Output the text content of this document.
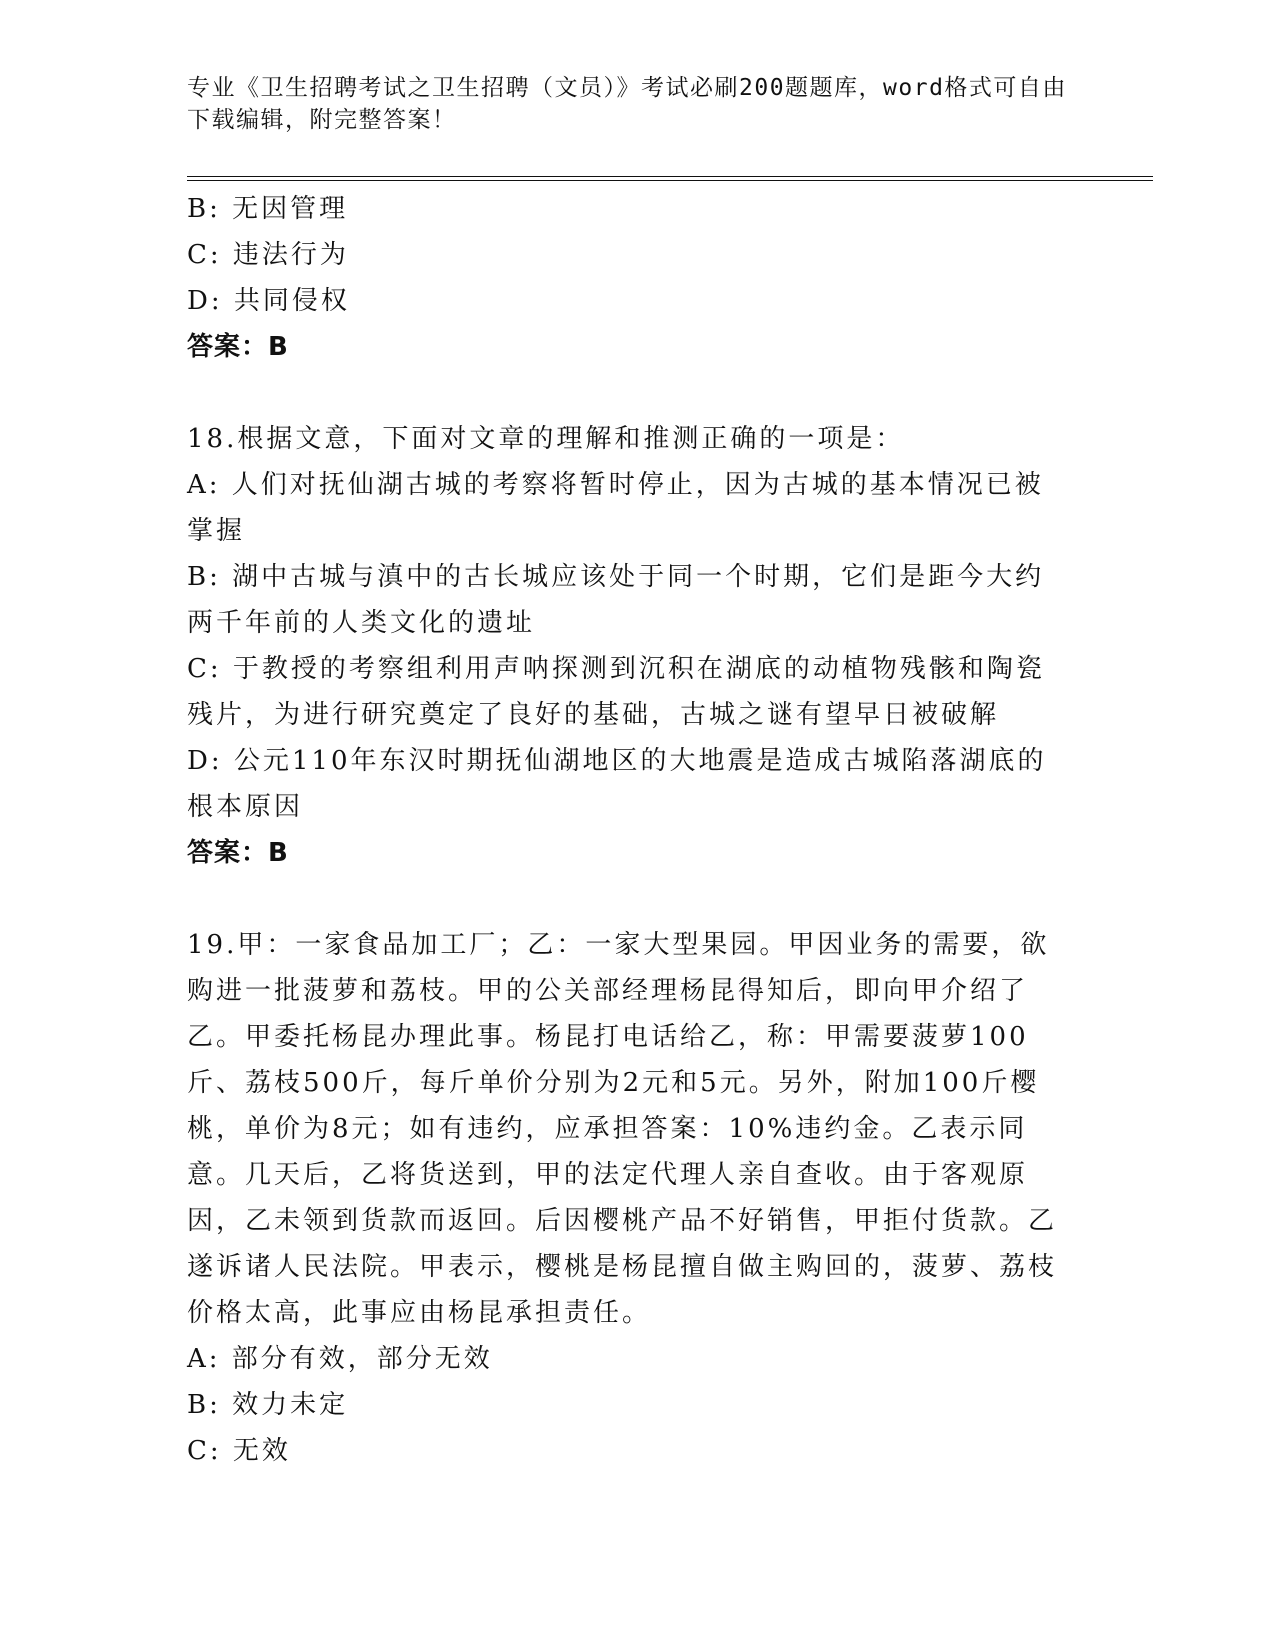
专业《卫生招聘考试之卫生招聘（文员）》考试必刷200题题库，word格式可自由下载编辑，附完整答案！
B: 无因管理
C: 违法行为
D: 共同侵权
答案：B
18.根据文意，下面对文章的理解和推测正确的一项是：
A: 人们对抚仙湖古城的考察将暂时停止，因为古城的基本情况已被掌握
B: 湖中古城与滇中的古长城应该处于同一个时期，它们是距今大约两千年前的人类文化的遗址
C: 于教授的考察组利用声呐探测到沉积在湖底的动植物残骸和陶瓷残片，为进行研究奠定了良好的基础，古城之谜有望早日被破解
D: 公元110年东汉时期抚仙湖地区的大地震是造成古城陷落湖底的根本原因
答案：B
19.甲：一家食品加工厂；乙：一家大型果园。甲因业务的需要，欲购进一批菠萝和荔枝。甲的公关部经理杨昆得知后，即向甲介绍了乙。甲委托杨昆办理此事。杨昆打电话给乙，称：甲需要菠萝100斤、荔枝500斤，每斤单价分别为2元和5元。另外，附加100斤樱桃，单价为8元；如有违约，应承担答案：10%违约金。乙表示同意。几天后，乙将货送到，甲的法定代理人亲自查收。由于客观原因，乙未领到货款而返回。后因樱桃产品不好销售，甲拒付货款。乙遂诉诸人民法院。甲表示，樱桃是杨昆擅自做主购回的，菠萝、荔枝价格太高，此事应由杨昆承担责任。
A: 部分有效，部分无效
B: 效力未定
C: 无效
